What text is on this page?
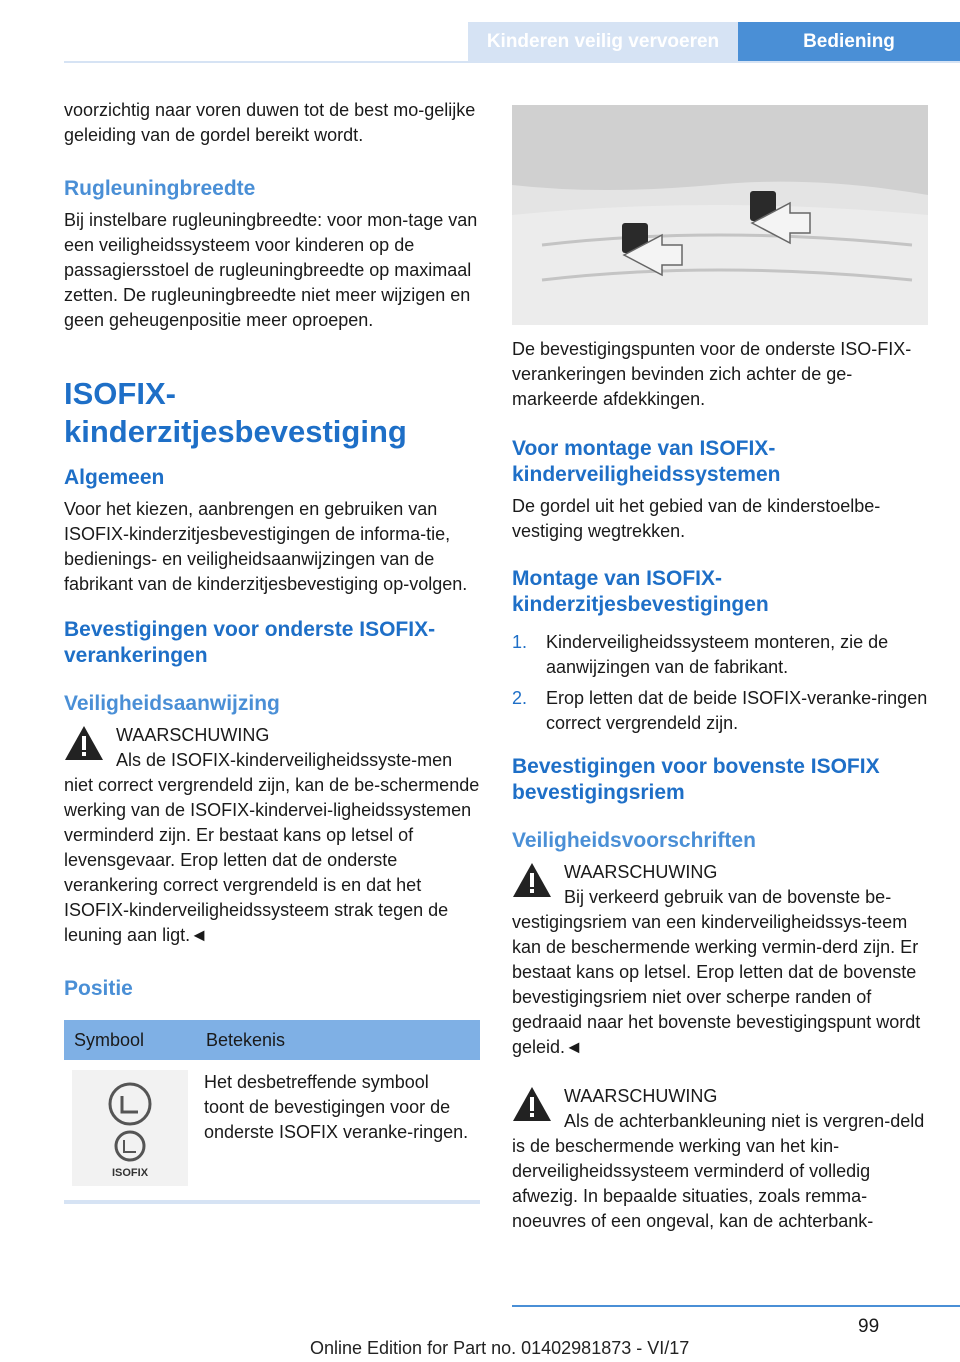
Kinderen veilig vervoeren	Bediening

voorzichtig naar voren duwen tot de best mo‐gelijke geleiding van de gordel bereikt wordt.

Rugleuningbreedte

Bij instelbare rugleuningbreedte: voor mon‐tage van een veiligheidssysteem voor kinderen op de passagiersstoel de rugleuningbreedte op maximaal zetten. De rugleuningbreedte niet meer wijzigen en geen geheugenpositie meer oproepen.

ISOFIX-kinderzitjesbevestiging
Algemeen

Voor het kiezen, aanbrengen en gebruiken van ISOFIX-kinderzitjesbevestigingen de informa‐tie, bedienings- en veiligheidsaanwijzingen van de fabrikant van de kinderzitjesbevestiging op‐volgen.

Bevestigingen voor onderste ISOFIX-verankeringen
Veiligheidsaanwijzing

WAARSCHUWING

Als de ISOFIX-kinderveiligheidssyste‐men niet correct vergrendeld zijn, kan de be‐schermende werking van de ISOFIX-kindervei‐ligheidssystemen verminderd zijn. Er bestaat kans op letsel of levensgevaar. Erop letten dat de onderste verankering correct vergrendeld is en dat het ISOFIX-kinderveiligheidssysteem strak tegen de leuning aan ligt.◄

Positie
Symbool	Betekenis

ISOFIX	Het desbetreffende symbool toont de bevestigingen voor de onderste ISOFIX veranke‐ringen.

De bevestigingspunten voor de onderste ISO‐FIX-verankeringen bevinden zich achter de ge‐markeerde afdekkingen.

Voor montage van ISOFIX-kinderveiligheidssystemen

De gordel uit het gebied van de kinderstoelbe‐vestiging wegtrekken.

Montage van ISOFIX-kinderzitjesbevestigingen
1. Kinderveiligheidssysteem monteren, zie de aanwijzingen van de fabrikant.
2. Erop letten dat de beide ISOFIX-veranke‐ringen correct vergrendeld zijn.
Bevestigingen voor bovenste ISOFIX bevestigingsriem
Veiligheidsvoorschriften

WAARSCHUWING

Bij verkeerd gebruik van de bovenste be‐vestigingsriem van een kinderveiligheidssys‐teem kan de beschermende werking vermin‐derd zijn. Er bestaat kans op letsel. Erop letten dat de bovenste bevestigingsriem niet over scherpe randen of gedraaid naar het bovenste bevestigingspunt wordt geleid.◄

WAARSCHUWING

Als de achterbankleuning niet is vergren‐deld is de beschermende werking van het kin‐derveiligheidssysteem verminderd of volledig afwezig. In bepaalde situaties, zoals remma‐noeuvres of een ongeval, kan de achterbank-

99
Online Edition for Part no. 01402981873 - VI/17
